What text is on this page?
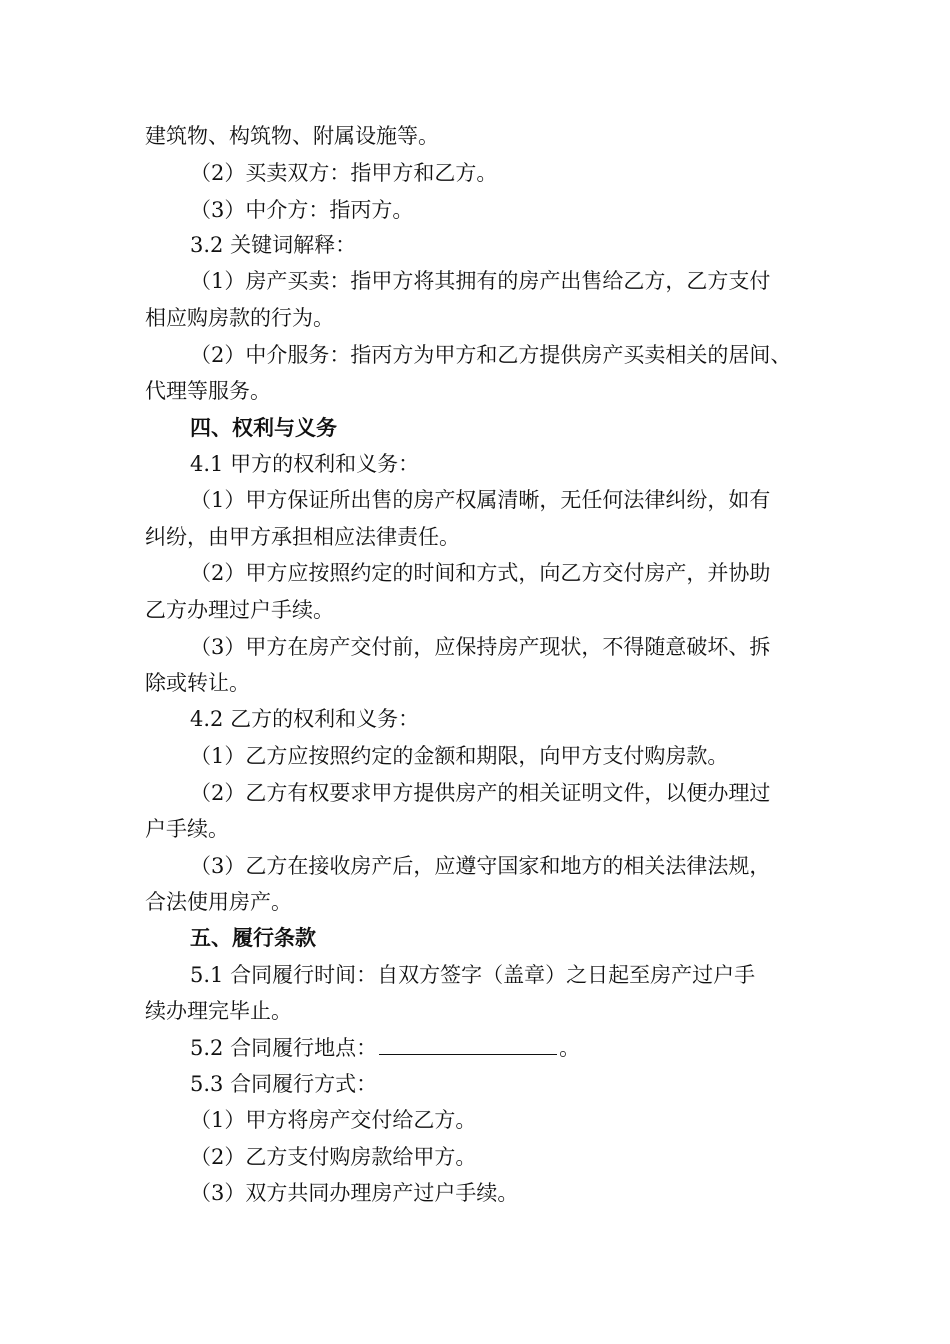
建筑物、构筑物、附属设施等。
（2）买卖双方：指甲方和乙方。
（3）中介方：指丙方。
3.2 关键词解释：
（1）房产买卖：指甲方将其拥有的房产出售给乙方，乙方支付
相应购房款的行为。
（2）中介服务：指丙方为甲方和乙方提供房产买卖相关的居间、
代理等服务。
四、权利与义务
4.1 甲方的权利和义务：
（1）甲方保证所出售的房产权属清晰，无任何法律纠纷，如有
纠纷，由甲方承担相应法律责任。
（2）甲方应按照约定的时间和方式，向乙方交付房产，并协助
乙方办理过户手续。
（3）甲方在房产交付前，应保持房产现状，不得随意破坏、拆
除或转让。
4.2 乙方的权利和义务：
（1）乙方应按照约定的金额和期限，向甲方支付购房款。
（2）乙方有权要求甲方提供房产的相关证明文件，以便办理过
户手续。
（3）乙方在接收房产后，应遵守国家和地方的相关法律法规，
合法使用房产。
五、履行条款
5.1 合同履行时间：自双方签字（盖章）之日起至房产过户手
续办理完毕止。
5.2 合同履行地点：	。
5.3 合同履行方式：
（1）甲方将房产交付给乙方。
（2）乙方支付购房款给甲方。
（3）双方共同办理房产过户手续。
